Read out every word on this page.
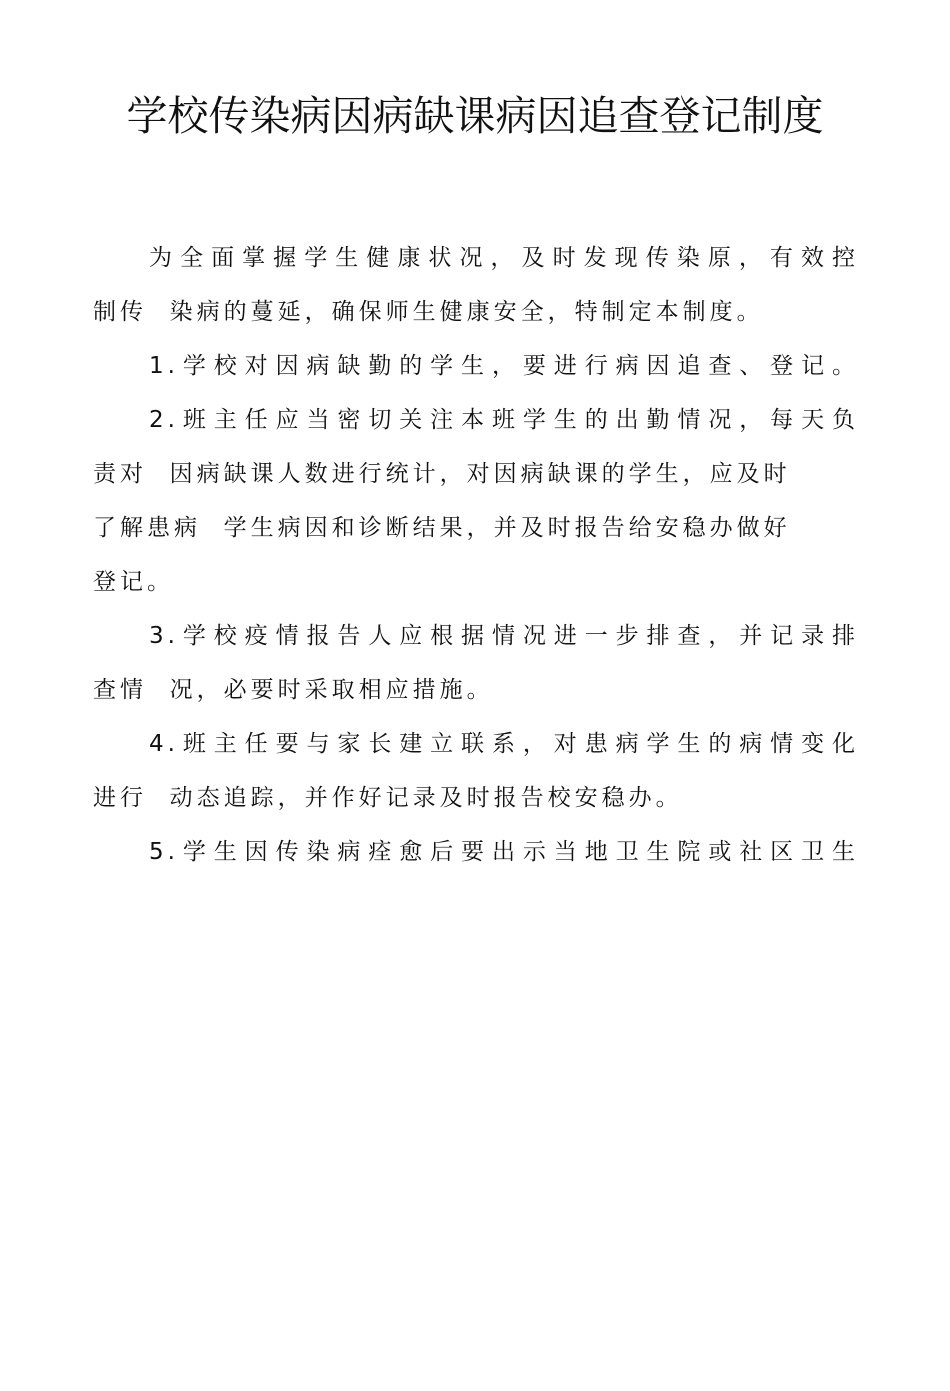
学校传染病因病缺课病因追查登记制度
为全面掌握学生健康状况，及时发现传染原，有效控
制传  染病的蔓延，确保师生健康安全，特制定本制度。
1.学校对因病缺勤的学生，要进行病因追查、登记。
2.班主任应当密切关注本班学生的出勤情况，每天负
责对  因病缺课人数进行统计，对因病缺课的学生，应及时
了解患病  学生病因和诊断结果，并及时报告给安稳办做好
登记。
3.学校疫情报告人应根据情况进一步排查，并记录排
查情  况，必要时采取相应措施。
4.班主任要与家长建立联系，对患病学生的病情变化
进行  动态追踪，并作好记录及时报告校安稳办。
5.学生因传染病痊愈后要出示当地卫生院或社区卫生
